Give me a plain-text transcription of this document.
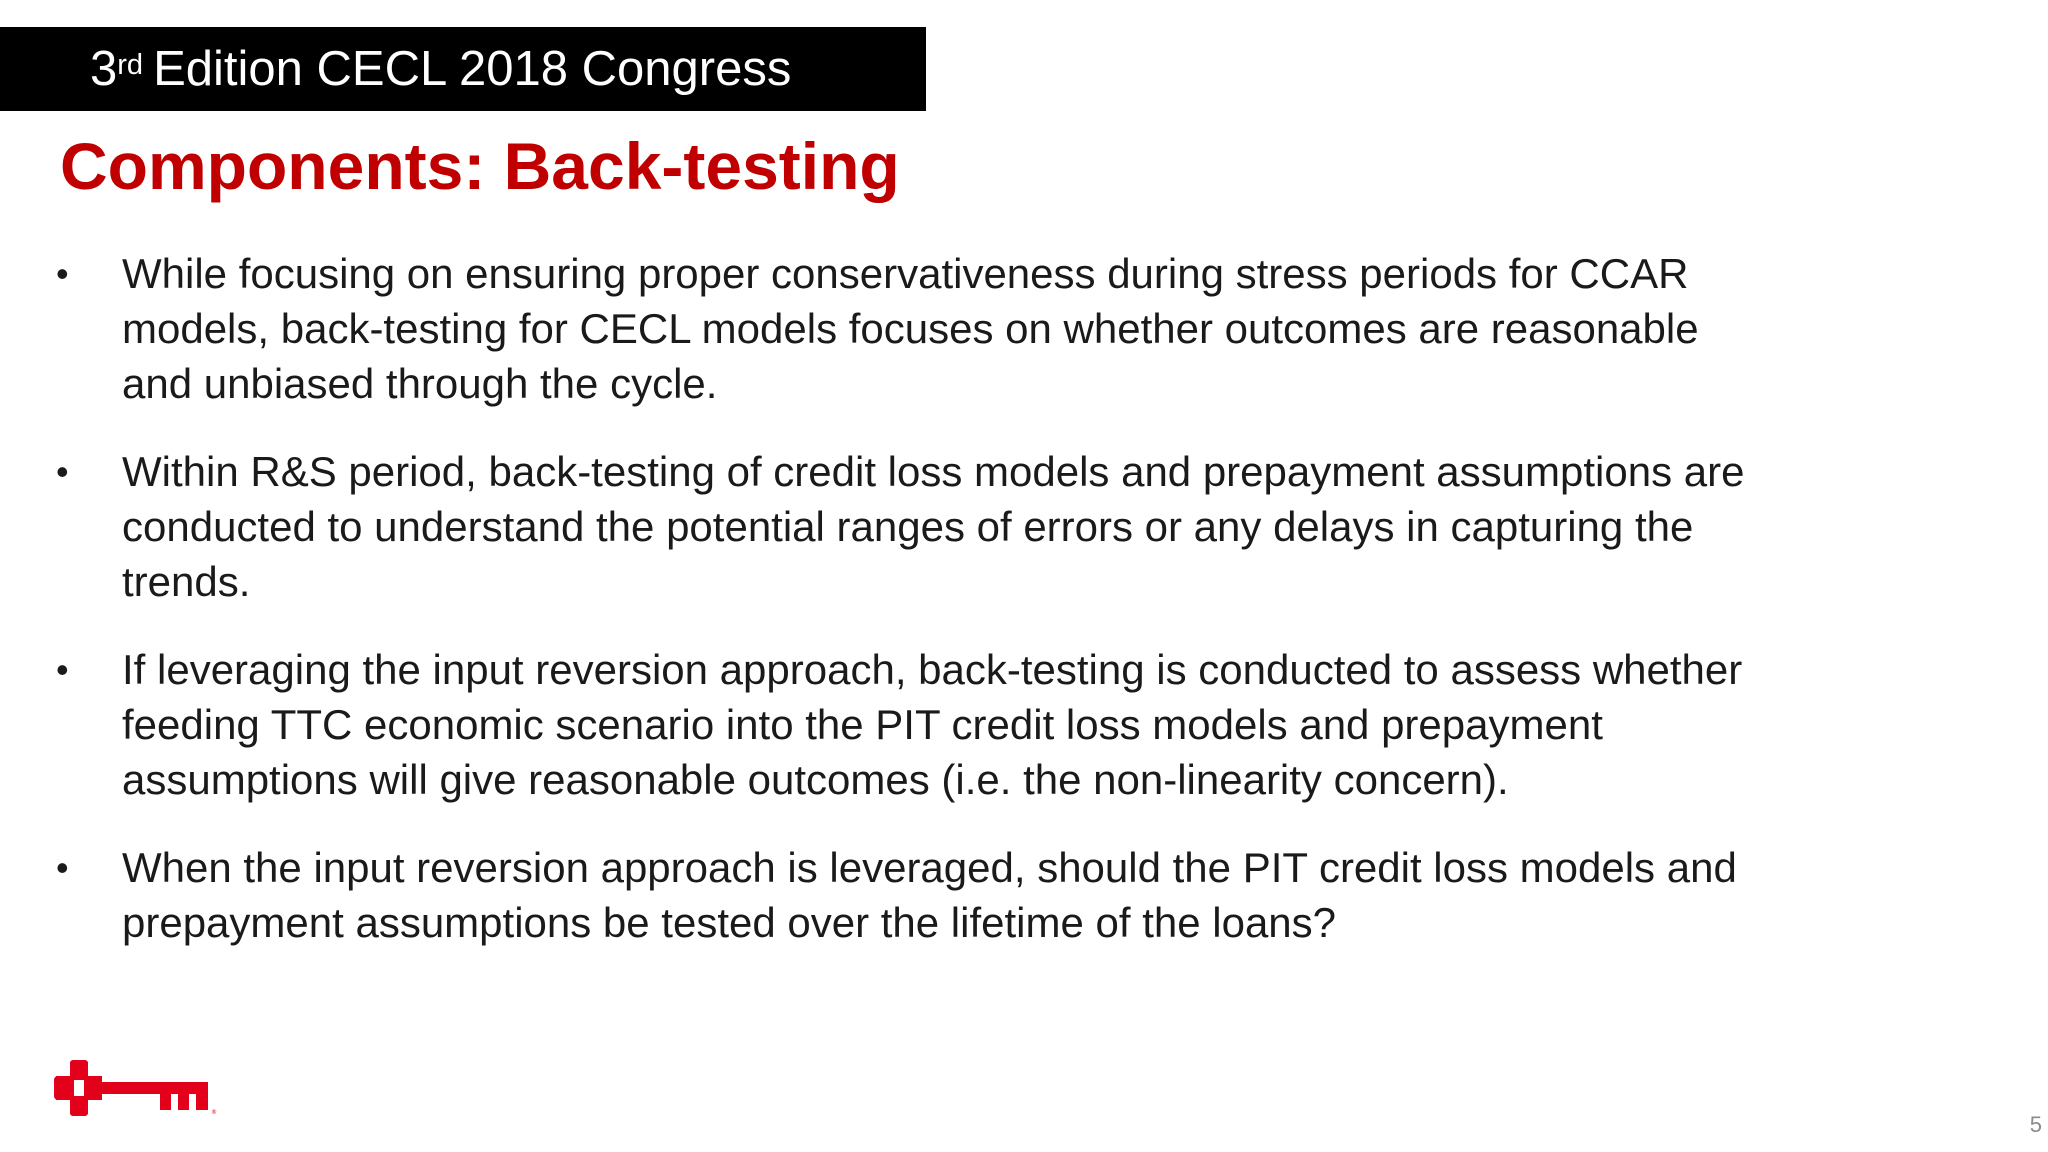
3rd Edition CECL 2018 Congress
Components: Back-testing
• While focusing on ensuring proper conservativeness during stress periods for CCAR
models, back-testing for CECL models focuses on whether outcomes are reasonable
and unbiased through the cycle.
• Within R&S period, back-testing of credit loss models and prepayment assumptions are
conducted to understand the potential ranges of errors or any delays in capturing the
trends.
• If leveraging the input reversion approach, back-testing is conducted to assess whether
feeding TTC economic scenario into the PIT credit loss models and prepayment
assumptions will give reasonable outcomes (i.e. the non-linearity concern).
• When the input reversion approach is leveraged, should the PIT credit loss models and
prepayment assumptions be tested over the lifetime of the loans?
®	5
